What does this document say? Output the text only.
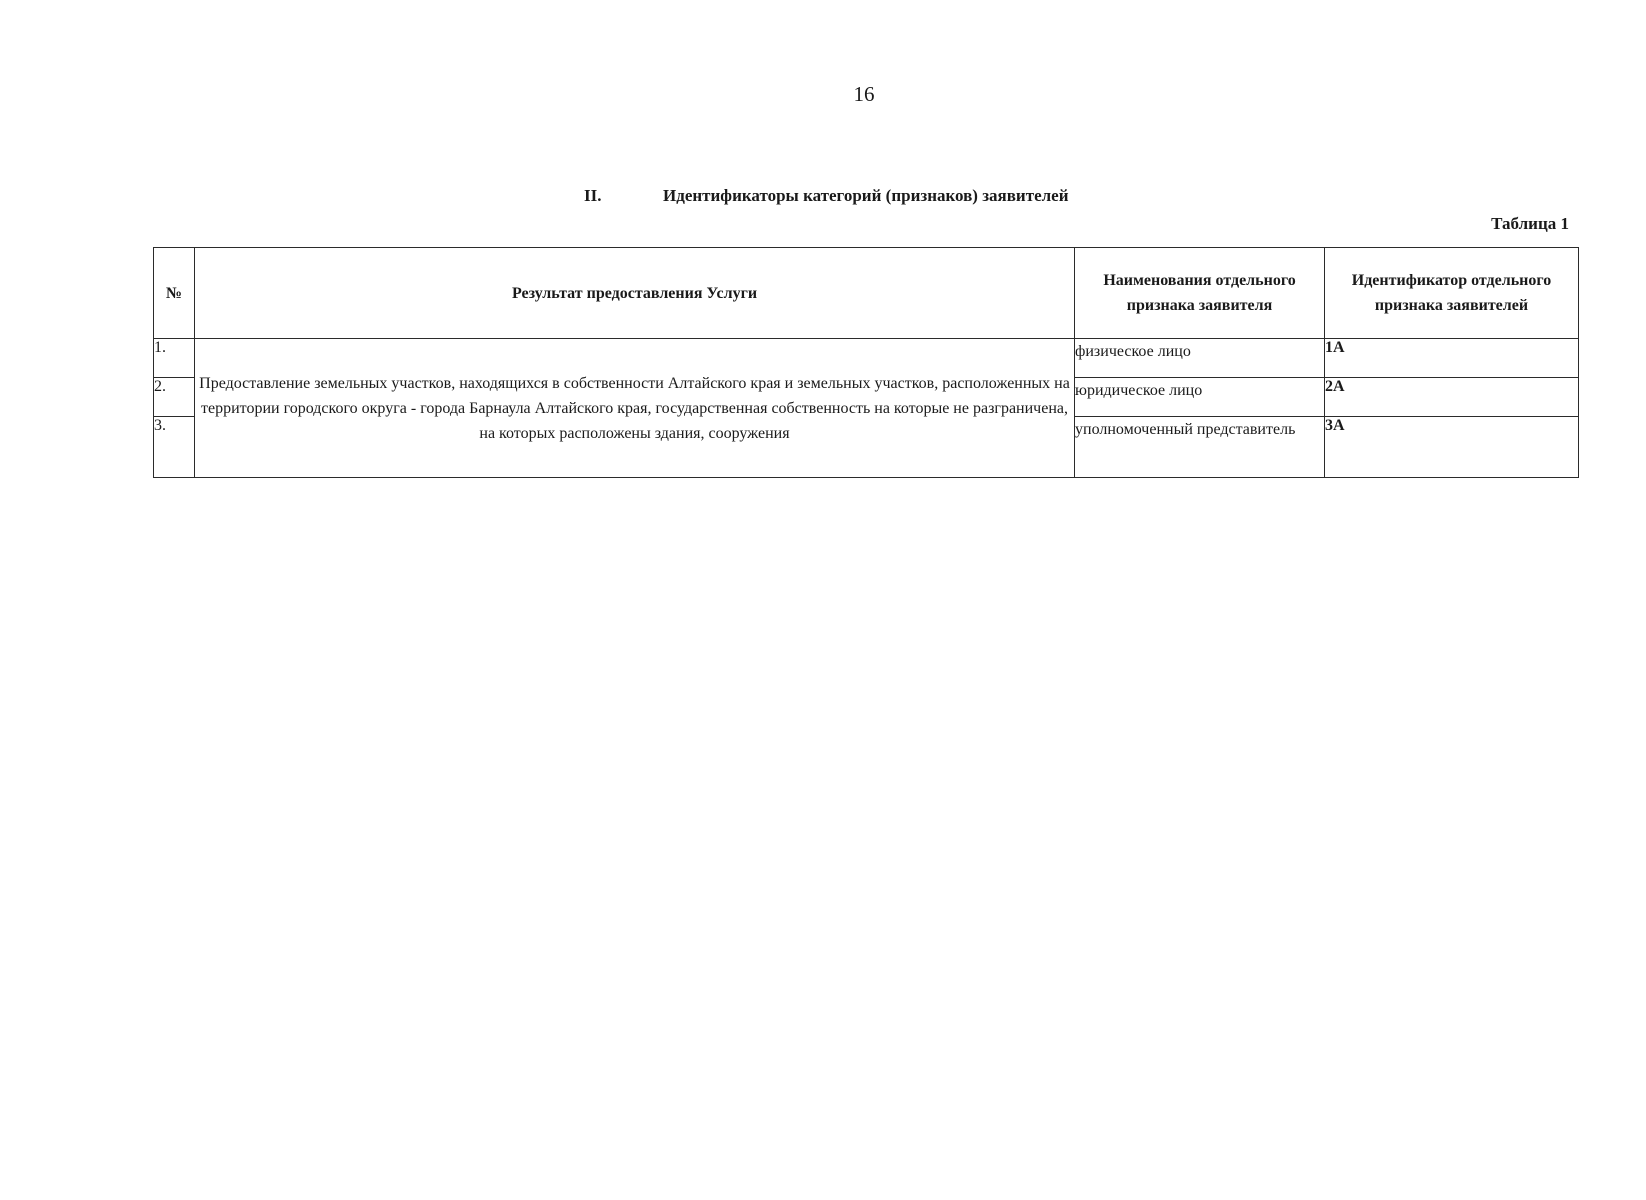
16
II.	Идентификаторы категорий (признаков) заявителей
Таблица 1
№	Результат предоставления Услуги	Наименования отдельного признака заявителя	Идентификатор отдельного признака заявителей
1.	Предоставление земельных участков, находящихся в собственности Алтайского края и земельных участков, расположенных на территории городского округа - города Барнаула Алтайского края, государственная собственность на которые не разграничена, на которых расположены здания, сооружения	физическое лицо	1А
2.		юридическое лицо	2А
3.		уполномоченный представитель	3А
